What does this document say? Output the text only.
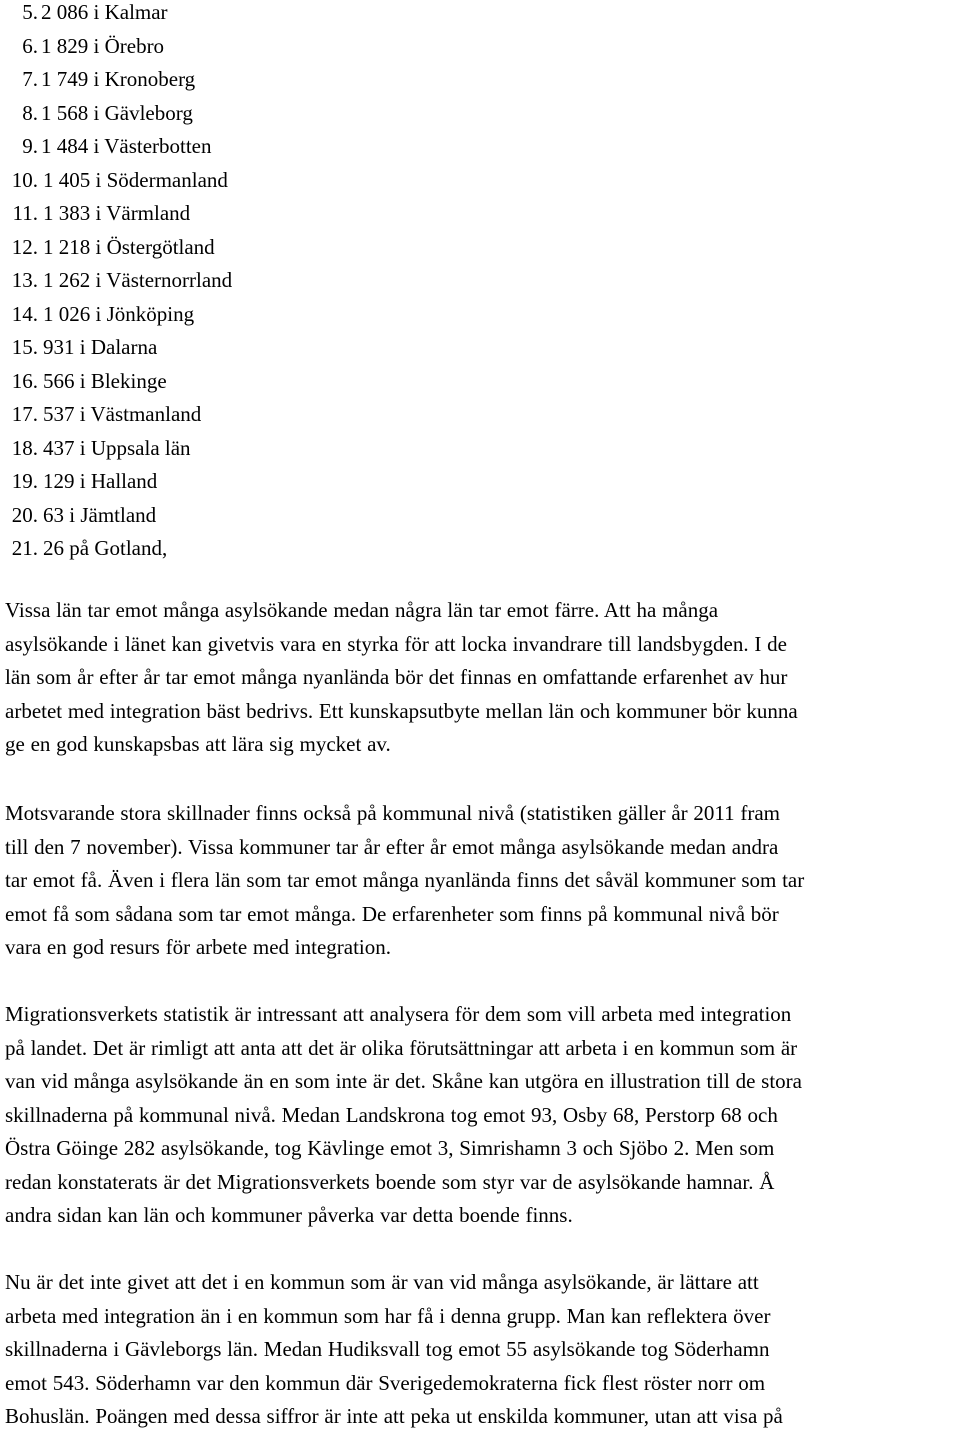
5. 2 086 i Kalmar
6. 1 829 i Örebro
7. 1 749 i Kronoberg
8. 1 568 i Gävleborg
9. 1 484 i Västerbotten
10. 1 405 i Södermanland
11. 1 383 i Värmland
12. 1 218 i Östergötland
13. 1 262 i Västernorrland
14. 1 026 i Jönköping
15. 931 i Dalarna
16. 566 i Blekinge
17. 537 i Västmanland
18. 437 i Uppsala län
19. 129 i Halland
20. 63 i Jämtland
21. 26 på Gotland,

Vissa län tar emot många asylsökande medan några län tar emot färre. Att ha många
asylsökande i länet kan givetvis vara en styrka för att locka invandrare till landsbygden. I de
län som år efter år tar emot många nyanlända bör det finnas en omfattande erfarenhet av hur
arbetet med integration bäst bedrivs. Ett kunskapsutbyte mellan län och kommuner bör kunna
ge en god kunskapsbas att lära sig mycket av.

Motsvarande stora skillnader finns också på kommunal nivå (statistiken gäller år 2011 fram
till den 7 november). Vissa kommuner tar år efter år emot många asylsökande medan andra
tar emot få. Även i flera län som tar emot många nyanlända finns det såväl kommuner som tar
emot få som sådana som tar emot många. De erfarenheter som finns på kommunal nivå bör
vara en god resurs för arbete med integration.

Migrationsverkets statistik är intressant att analysera för dem som vill arbeta med integration
på landet. Det är rimligt att anta att det är olika förutsättningar att arbeta i en kommun som är
van vid många asylsökande än en som inte är det. Skåne kan utgöra en illustration till de stora
skillnaderna på kommunal nivå. Medan Landskrona tog emot 93, Osby 68, Perstorp 68 och
Östra Göinge 282 asylsökande, tog Kävlinge emot 3, Simrishamn 3 och Sjöbo 2. Men som
redan konstaterats är det Migrationsverkets boende som styr var de asylsökande hamnar. Å
andra sidan kan län och kommuner påverka var detta boende finns.

Nu är det inte givet att det i en kommun som är van vid många asylsökande, är lättare att
arbeta med integration än i en kommun som har få i denna grupp. Man kan reflektera över
skillnaderna i Gävleborgs län. Medan Hudiksvall tog emot 55 asylsökande tog Söderhamn
emot 543. Söderhamn var den kommun där Sverigedemokraterna fick flest röster norr om
Bohuslän. Poängen med dessa siffror är inte att peka ut enskilda kommuner, utan att visa på
